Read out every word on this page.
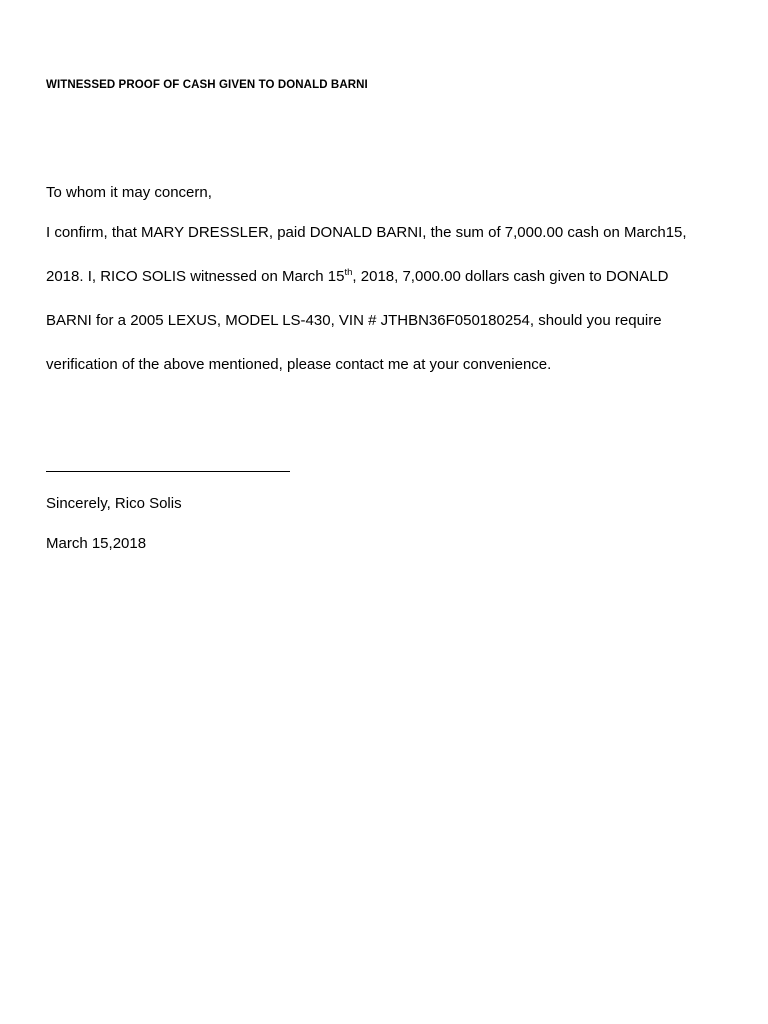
WITNESSED PROOF OF CASH GIVEN TO DONALD BARNI
To whom it may concern,
I confirm, that MARY DRESSLER, paid DONALD BARNI, the sum of 7,000.00 cash on March15,
2018. I, RICO SOLIS witnessed on March 15th, 2018, 7,000.00 dollars cash given to DONALD
BARNI for a 2005 LEXUS, MODEL LS-430, VIN # JTHBN36F050180254, should you require
verification of the above mentioned, please contact me at your convenience.
Sincerely, Rico Solis
March 15,2018
